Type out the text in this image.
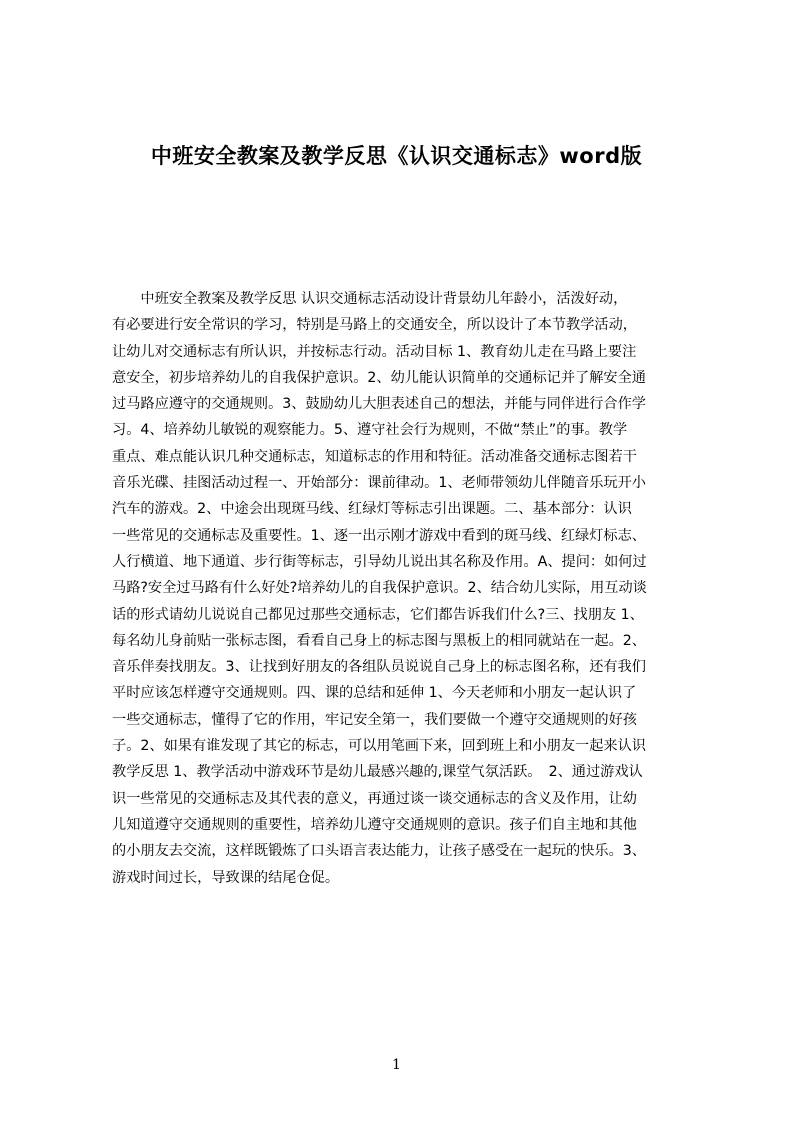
中班安全教案及教学反思《认识交通标志》word版
　　中班安全教案及教学反思 认识交通标志活动设计背景幼儿年龄小，活泼好动，
有必要进行安全常识的学习，特别是马路上的交通安全，所以设计了本节教学活动，
让幼儿对交通标志有所认识，并按标志行动。活动目标 1、教育幼儿走在马路上要注
意安全，初步培养幼儿的自我保护意识。2、幼儿能认识简单的交通标记并了解安全通
过马路应遵守的交通规则。3、鼓励幼儿大胆表述自己的想法，并能与同伴进行合作学
习。4、培养幼儿敏锐的观察能力。5、遵守社会行为规则，不做“禁止”的事。教学
重点、难点能认识几种交通标志，知道标志的作用和特征。活动准备交通标志图若干
音乐光碟、挂图活动过程一、开始部分：课前律动。1、老师带领幼儿伴随音乐玩开小
汽车的游戏。2、中途会出现斑马线、红绿灯等标志引出课题。二、基本部分：认识
一些常见的交通标志及重要性。1、逐一出示刚才游戏中看到的斑马线、红绿灯标志、
人行横道、地下通道、步行街等标志，引导幼儿说出其名称及作用。A、提问：如何过
马路?安全过马路有什么好处?培养幼儿的自我保护意识。2、结合幼儿实际，用互动谈
话的形式请幼儿说说自己都见过那些交通标志，它们都告诉我们什么?三、找朋友 1、
每名幼儿身前贴一张标志图，看看自己身上的标志图与黑板上的相同就站在一起。2、
音乐伴奏找朋友。3、让找到好朋友的各组队员说说自己身上的标志图名称，还有我们
平时应该怎样遵守交通规则。四、课的总结和延伸 1、今天老师和小朋友一起认识了
一些交通标志，懂得了它的作用，牢记安全第一，我们要做一个遵守交通规则的好孩
子。2、如果有谁发现了其它的标志，可以用笔画下来，回到班上和小朋友一起来认识
教学反思 1、教学活动中游戏环节是幼儿最感兴趣的,课堂气氛活跃。　2、通过游戏认
识一些常见的交通标志及其代表的意义，再通过谈一谈交通标志的含义及作用，让幼
儿知道遵守交通规则的重要性，培养幼儿遵守交通规则的意识。孩子们自主地和其他
的小朋友去交流，这样既锻炼了口头语言表达能力，让孩子感受在一起玩的快乐。3、
游戏时间过长，导致课的结尾仓促。
1
